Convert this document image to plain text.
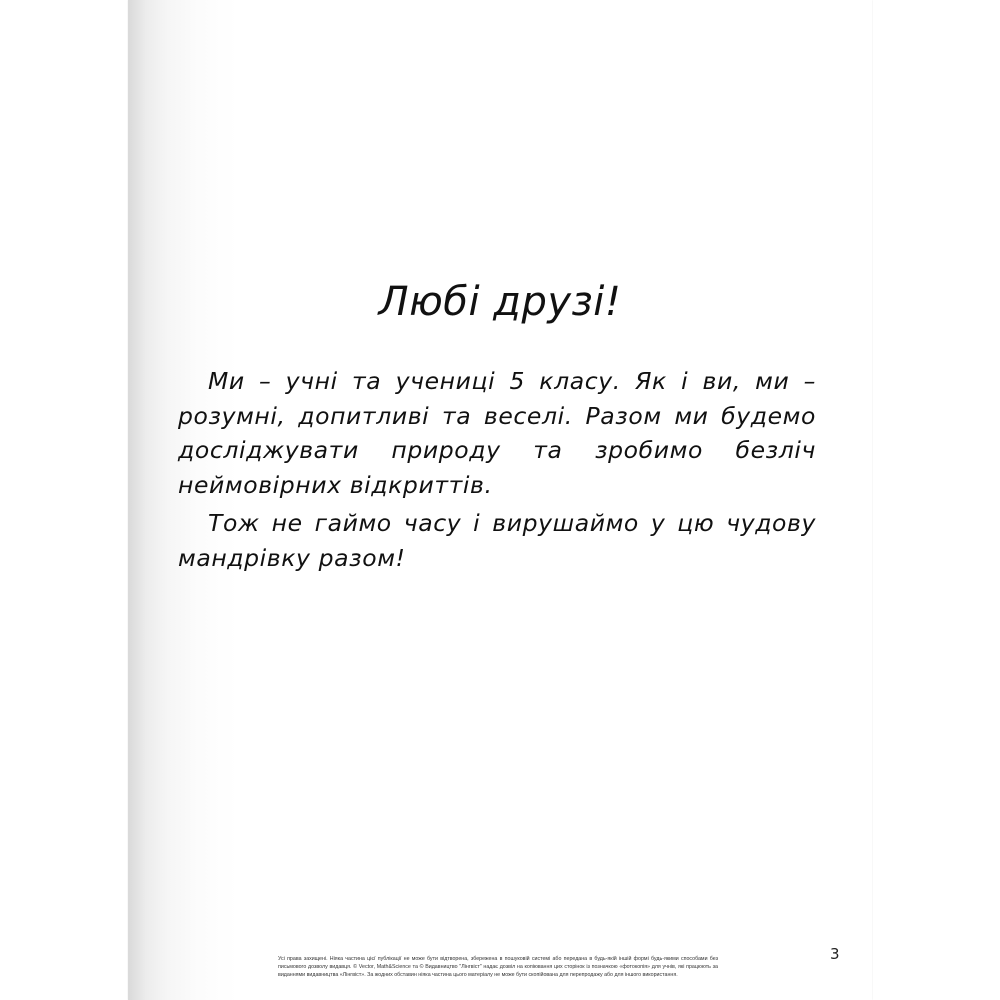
Любі друзі!

Ми – учні та учениці 5 класу. Як і ви, ми – розумні, допитливі та веселі. Разом ми будемо досліджувати природу та зробимо безліч неймовірних відкриттів.

Тож не гаймо часу і вирушаймо у цю чудову мандрівку разом!

Усі права захищені. Ніяка частина цієї публікації не може бути відтворена, збережена в пошуковій системі або передана в будь-якій іншій формі будь-якими способами без письмового дозволу видавця. © Vector, Math&Science та © Видавництво "Лінгвіст" надає дозвіл на копіювання цих сторінок із позначкою «фотокопія» для учнів, які працюють за виданнями видавництва «Лінгвіст». За жодних обставин ніяка частина цього матеріалу не може бути скопійована для перепродажу або для іншого використання.
3
